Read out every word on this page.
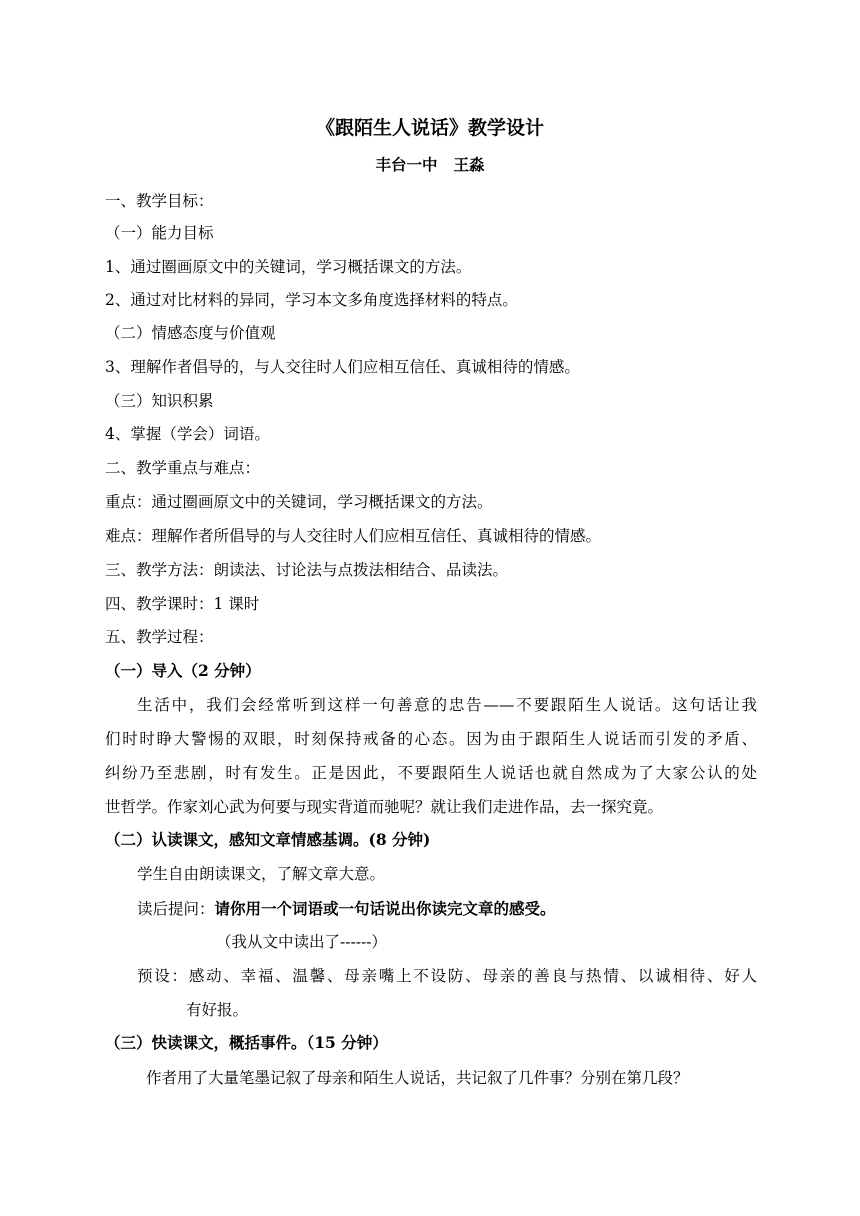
《跟陌生人说话》教学设计
丰台一中 王淼
一、教学目标：
（一）能力目标
1、通过圈画原文中的关键词，学习概括课文的方法。
2、通过对比材料的异同，学习本文多角度选择材料的特点。
（二）情感态度与价值观
3、理解作者倡导的，与人交往时人们应相互信任、真诚相待的情感。
（三）知识积累
4、掌握（学会）词语。
二、教学重点与难点：
重点：通过圈画原文中的关键词，学习概括课文的方法。
难点：理解作者所倡导的与人交往时人们应相互信任、真诚相待的情感。
三、教学方法：朗读法、讨论法与点拨法相结合、品读法。
四、教学课时：1 课时
五、教学过程：
（一）导入（2 分钟）
生活中，我们会经常听到这样一句善意的忠告——不要跟陌生人说话。这句话让我
们时时睁大警惕的双眼，时刻保持戒备的心态。因为由于跟陌生人说话而引发的矛盾、
纠纷乃至悲剧，时有发生。正是因此，不要跟陌生人说话也就自然成为了大家公认的处
世哲学。作家刘心武为何要与现实背道而驰呢？就让我们走进作品，去一探究竟。
（二）认读课文，感知文章情感基调。(8 分钟)
学生自由朗读课文，了解文章大意。
读后提问：请你用一个词语或一句话说出你读完文章的感受。
（我从文中读出了------）
预设：感动、幸福、温馨、母亲嘴上不设防、母亲的善良与热情、以诚相待、好人
有好报。
（三）快读课文，概括事件。（15 分钟）
作者用了大量笔墨记叙了母亲和陌生人说话，共记叙了几件事？分别在第几段？
